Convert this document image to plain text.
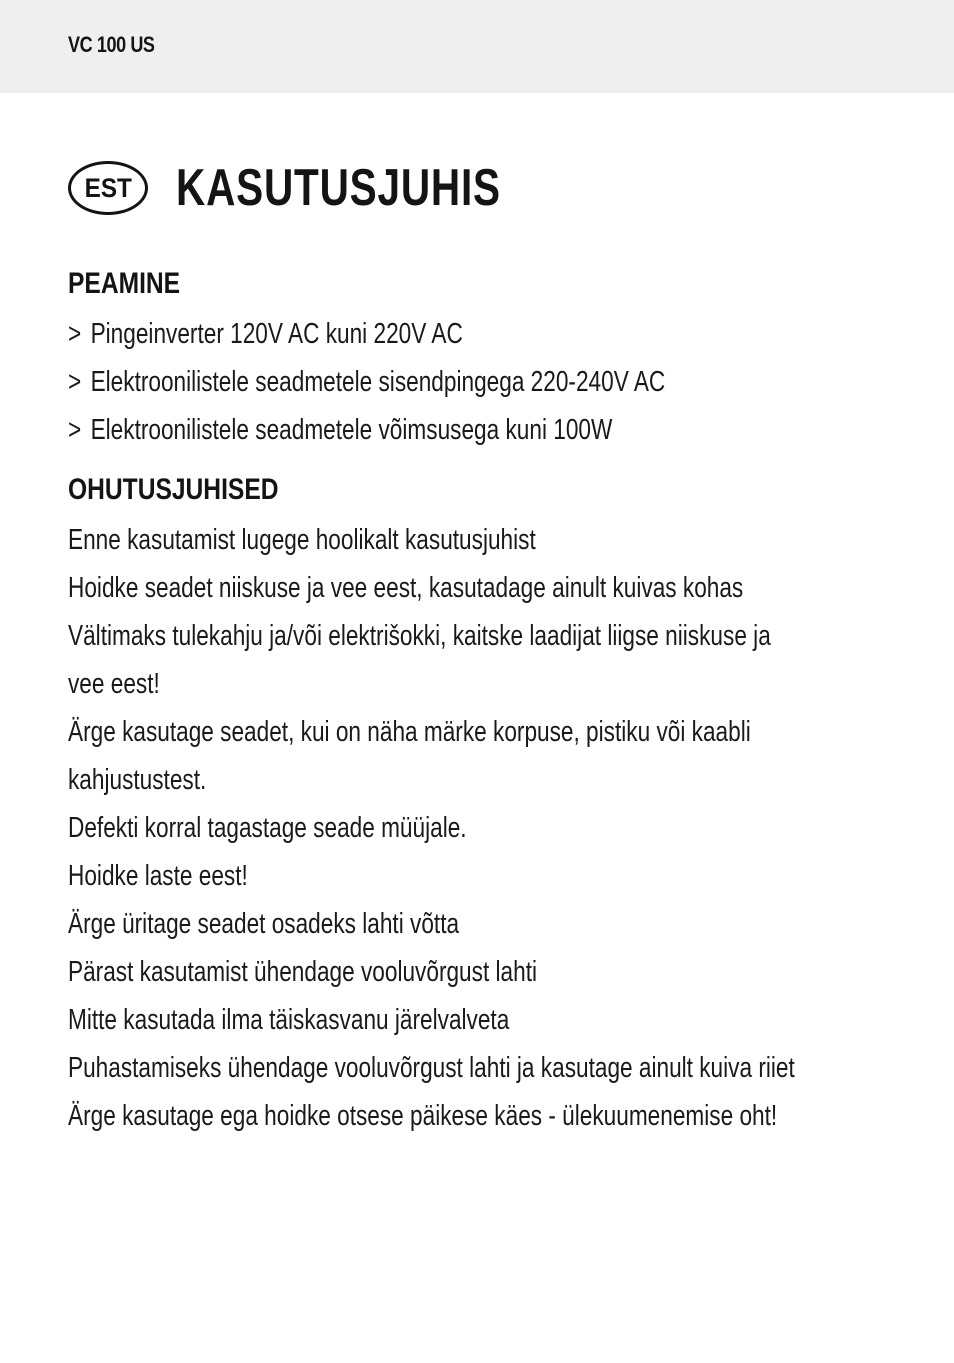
VC 100 US
EST KASUTUSJUHIS
PEAMINE
> Pingeinverter 120V AC kuni 220V AC
> Elektroonilistele seadmetele sisendpingega 220-240V AC
> Elektroonilistele seadmetele võimsusega kuni 100W
OHUTUSJUHISED
Enne kasutamist lugege hoolikalt kasutusjuhist
Hoidke seadet niiskuse ja vee eest, kasutadage ainult kuivas kohas
Vältimaks tulekahju ja/või elektrišokki, kaitske laadijat liigse niiskuse ja
vee eest!
Ärge kasutage seadet, kui on näha märke korpuse, pistiku või kaabli
kahjustustest.
Defekti korral tagastage seade müüjale.
Hoidke laste eest!
Ärge üritage seadet osadeks lahti võtta
Pärast kasutamist ühendage vooluvõrgust lahti
Mitte kasutada ilma täiskasvanu järelvalveta
Puhastamiseks ühendage vooluvõrgust lahti ja kasutage ainult kuiva riiet
Ärge kasutage ega hoidke otsese päikese käes - ülekuumenemise oht!
